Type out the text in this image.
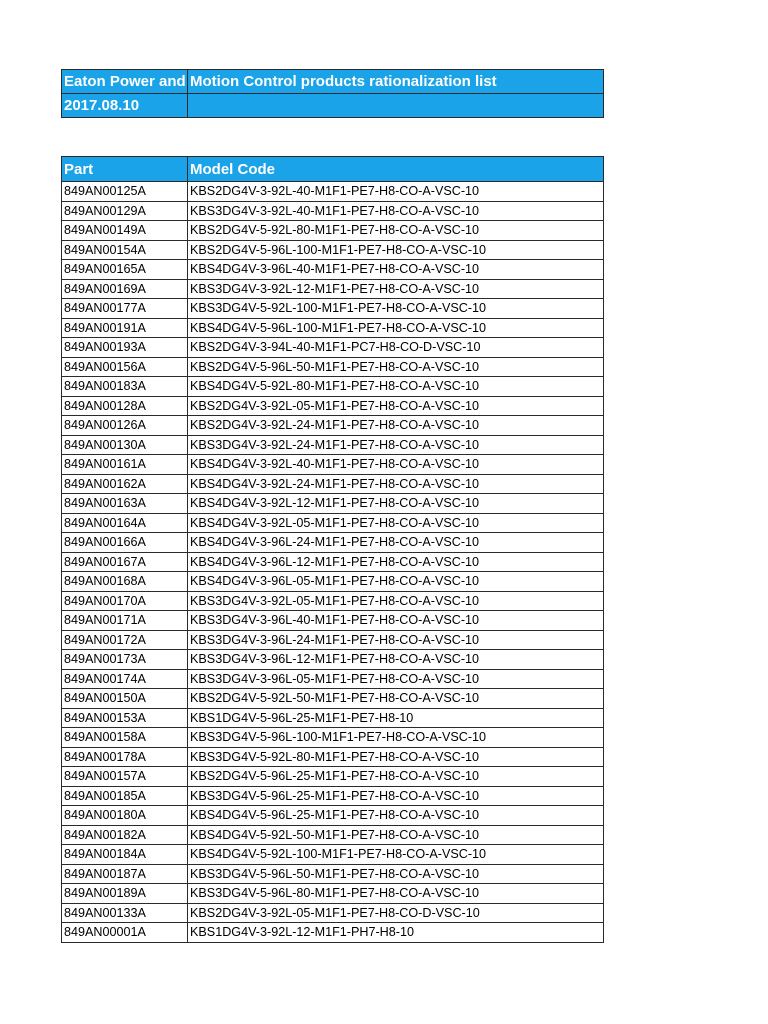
Eaton Power and	Motion Control products rationalization list
2017.08.10	
Part	Model Code
849AN00125A	KBS2DG4V-3-92L-40-M1F1-PE7-H8-CO-A-VSC-10
849AN00129A	KBS3DG4V-3-92L-40-M1F1-PE7-H8-CO-A-VSC-10
849AN00149A	KBS2DG4V-5-92L-80-M1F1-PE7-H8-CO-A-VSC-10
849AN00154A	KBS2DG4V-5-96L-100-M1F1-PE7-H8-CO-A-VSC-10
849AN00165A	KBS4DG4V-3-96L-40-M1F1-PE7-H8-CO-A-VSC-10
849AN00169A	KBS3DG4V-3-92L-12-M1F1-PE7-H8-CO-A-VSC-10
849AN00177A	KBS3DG4V-5-92L-100-M1F1-PE7-H8-CO-A-VSC-10
849AN00191A	KBS4DG4V-5-96L-100-M1F1-PE7-H8-CO-A-VSC-10
849AN00193A	KBS2DG4V-3-94L-40-M1F1-PC7-H8-CO-D-VSC-10
849AN00156A	KBS2DG4V-5-96L-50-M1F1-PE7-H8-CO-A-VSC-10
849AN00183A	KBS4DG4V-5-92L-80-M1F1-PE7-H8-CO-A-VSC-10
849AN00128A	KBS2DG4V-3-92L-05-M1F1-PE7-H8-CO-A-VSC-10
849AN00126A	KBS2DG4V-3-92L-24-M1F1-PE7-H8-CO-A-VSC-10
849AN00130A	KBS3DG4V-3-92L-24-M1F1-PE7-H8-CO-A-VSC-10
849AN00161A	KBS4DG4V-3-92L-40-M1F1-PE7-H8-CO-A-VSC-10
849AN00162A	KBS4DG4V-3-92L-24-M1F1-PE7-H8-CO-A-VSC-10
849AN00163A	KBS4DG4V-3-92L-12-M1F1-PE7-H8-CO-A-VSC-10
849AN00164A	KBS4DG4V-3-92L-05-M1F1-PE7-H8-CO-A-VSC-10
849AN00166A	KBS4DG4V-3-96L-24-M1F1-PE7-H8-CO-A-VSC-10
849AN00167A	KBS4DG4V-3-96L-12-M1F1-PE7-H8-CO-A-VSC-10
849AN00168A	KBS4DG4V-3-96L-05-M1F1-PE7-H8-CO-A-VSC-10
849AN00170A	KBS3DG4V-3-92L-05-M1F1-PE7-H8-CO-A-VSC-10
849AN00171A	KBS3DG4V-3-96L-40-M1F1-PE7-H8-CO-A-VSC-10
849AN00172A	KBS3DG4V-3-96L-24-M1F1-PE7-H8-CO-A-VSC-10
849AN00173A	KBS3DG4V-3-96L-12-M1F1-PE7-H8-CO-A-VSC-10
849AN00174A	KBS3DG4V-3-96L-05-M1F1-PE7-H8-CO-A-VSC-10
849AN00150A	KBS2DG4V-5-92L-50-M1F1-PE7-H8-CO-A-VSC-10
849AN00153A	KBS1DG4V-5-96L-25-M1F1-PE7-H8-10
849AN00158A	KBS3DG4V-5-96L-100-M1F1-PE7-H8-CO-A-VSC-10
849AN00178A	KBS3DG4V-5-92L-80-M1F1-PE7-H8-CO-A-VSC-10
849AN00157A	KBS2DG4V-5-96L-25-M1F1-PE7-H8-CO-A-VSC-10
849AN00185A	KBS3DG4V-5-96L-25-M1F1-PE7-H8-CO-A-VSC-10
849AN00180A	KBS4DG4V-5-96L-25-M1F1-PE7-H8-CO-A-VSC-10
849AN00182A	KBS4DG4V-5-92L-50-M1F1-PE7-H8-CO-A-VSC-10
849AN00184A	KBS4DG4V-5-92L-100-M1F1-PE7-H8-CO-A-VSC-10
849AN00187A	KBS3DG4V-5-96L-50-M1F1-PE7-H8-CO-A-VSC-10
849AN00189A	KBS3DG4V-5-96L-80-M1F1-PE7-H8-CO-A-VSC-10
849AN00133A	KBS2DG4V-3-92L-05-M1F1-PE7-H8-CO-D-VSC-10
849AN00001A	KBS1DG4V-3-92L-12-M1F1-PH7-H8-10
